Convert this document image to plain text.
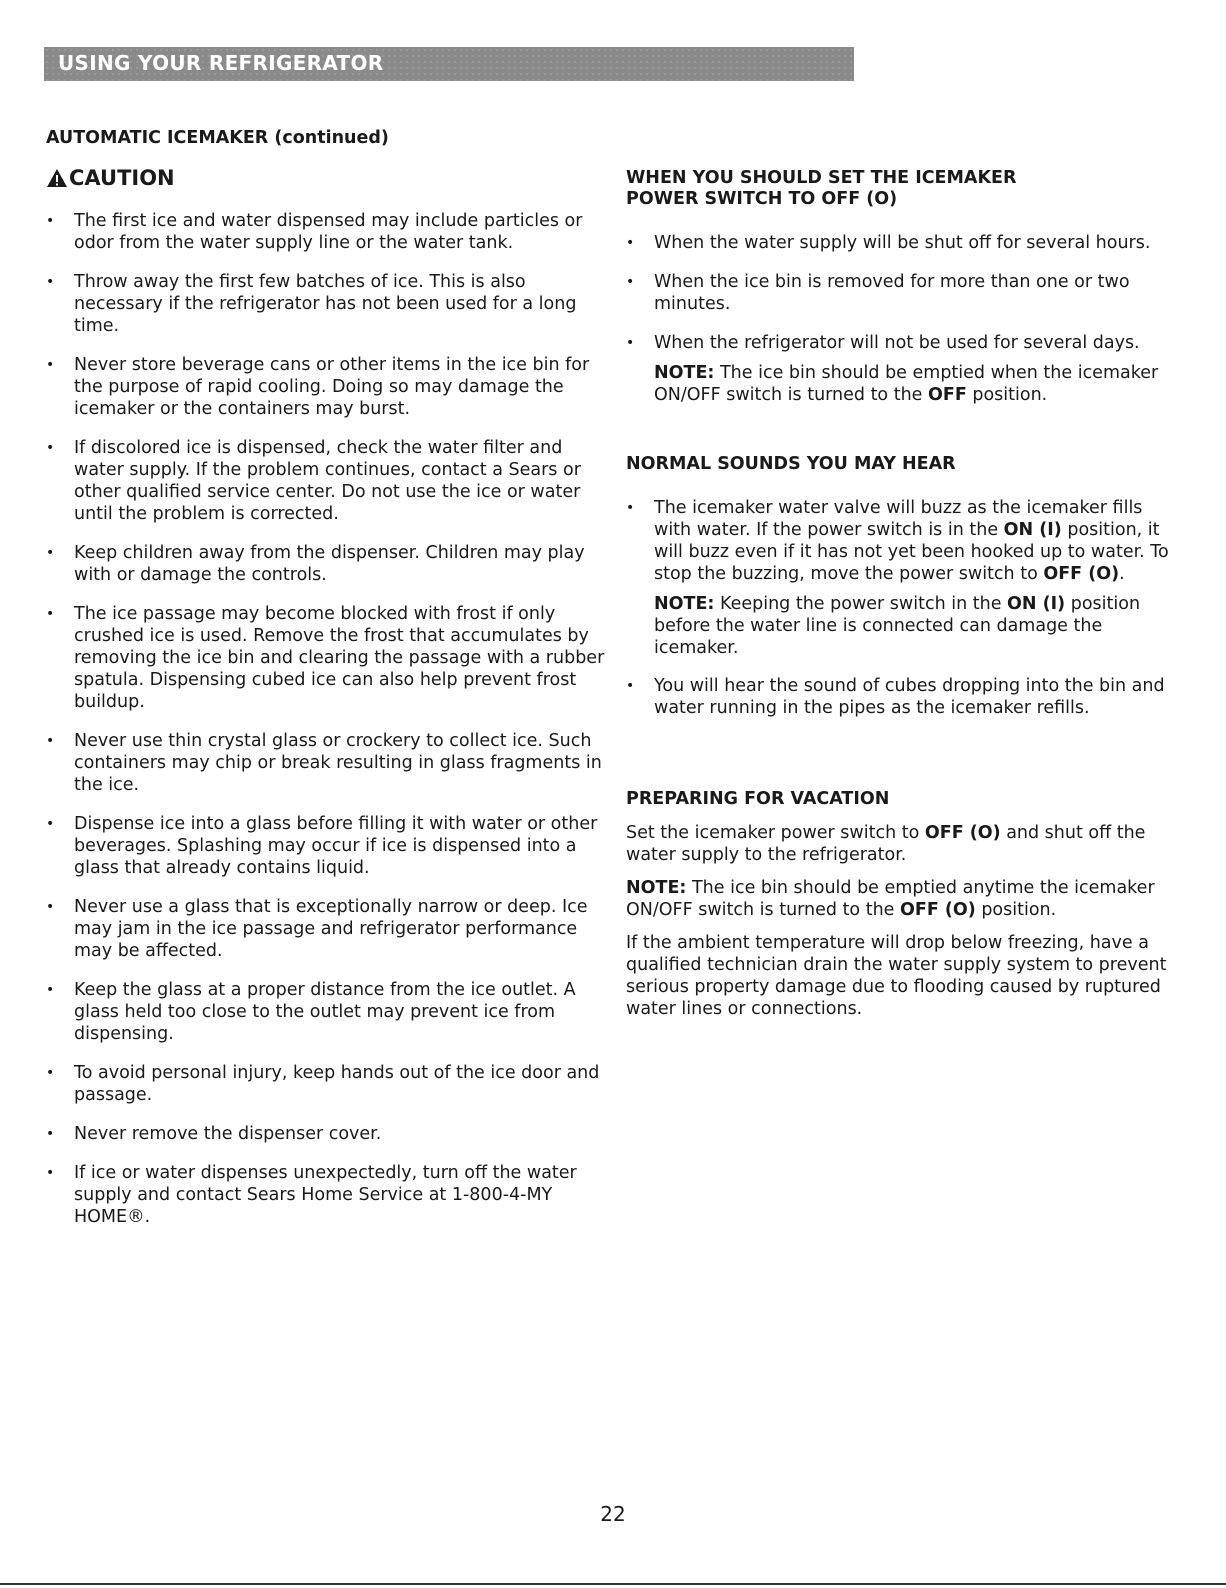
USING YOUR REFRIGERATOR
AUTOMATIC ICEMAKER (continued)
CAUTION
• The first ice and water dispensed may include particles or odor from the water supply line or the water tank.
• Throw away the first few batches of ice. This is also necessary if the refrigerator has not been used for a long time.
• Never store beverage cans or other items in the ice bin for the purpose of rapid cooling. Doing so may damage the icemaker or the containers may burst.
• If discolored ice is dispensed, check the water filter and water supply. If the problem continues, contact a Sears or other qualified service center. Do not use the ice or water until the problem is corrected.
• Keep children away from the dispenser. Children may play with or damage the controls.
• The ice passage may become blocked with frost if only crushed ice is used. Remove the frost that accumulates by removing the ice bin and clearing the passage with a rubber spatula. Dispensing cubed ice can also help prevent frost buildup.
• Never use thin crystal glass or crockery to collect ice. Such containers may chip or break resulting in glass fragments in the ice.
• Dispense ice into a glass before filling it with water or other beverages. Splashing may occur if ice is dispensed into a glass that already contains liquid.
• Never use a glass that is exceptionally narrow or deep. Ice may jam in the ice passage and refrigerator performance may be affected.
• Keep the glass at a proper distance from the ice outlet. A glass held too close to the outlet may prevent ice from dispensing.
• To avoid personal injury, keep hands out of the ice door and passage.
• Never remove the dispenser cover.
• If ice or water dispenses unexpectedly, turn off the water supply and contact Sears Home Service at 1-800-4-MY HOME®.
WHEN YOU SHOULD SET THE ICEMAKER
POWER SWITCH TO OFF (O)
• When the water supply will be shut off for several hours.
• When the ice bin is removed for more than one or two minutes.
• When the refrigerator will not be used for several days.

NOTE: The ice bin should be emptied when the icemaker ON/OFF switch is turned to the OFF position.

NORMAL SOUNDS YOU MAY HEAR
• The icemaker water valve will buzz as the icemaker fills with water. If the power switch is in the ON (I) position, it will buzz even if it has not yet been hooked up to water. To stop the buzzing, move the power switch to OFF (O).

NOTE: Keeping the power switch in the ON (I) position before the water line is connected can damage the icemaker.

• You will hear the sound of cubes dropping into the bin and water running in the pipes as the icemaker refills.
PREPARING FOR VACATION

Set the icemaker power switch to OFF (O) and shut off the water supply to the refrigerator.

NOTE: The ice bin should be emptied anytime the icemaker ON/OFF switch is turned to the OFF (O) position.

If the ambient temperature will drop below freezing, have a qualified technician drain the water supply system to prevent serious property damage due to flooding caused by ruptured water lines or connections.

22
